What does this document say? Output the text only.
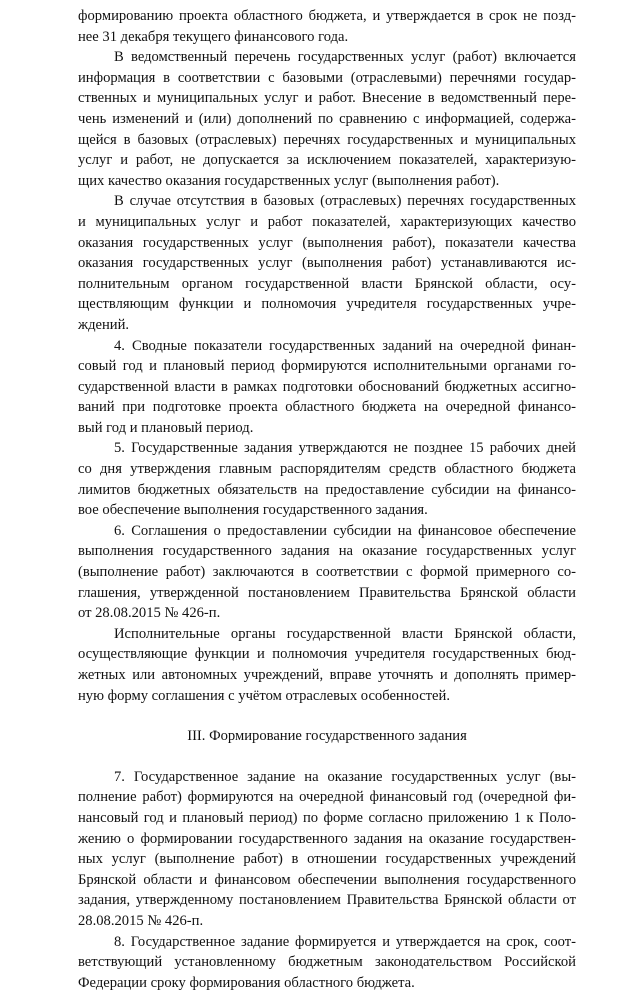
формированию проекта областного бюджета, и утверждается в срок не позд-
нее 31 декабря текущего финансового года.
В ведомственный перечень государственных услуг (работ) включается
информация в соответствии с базовыми (отраслевыми) перечнями государ-
ственных и муниципальных услуг и работ. Внесение в ведомственный пере-
чень изменений и (или) дополнений по сравнению с информацией, содержа-
щейся в базовых (отраслевых) перечнях государственных и муниципальных
услуг и работ, не допускается за исключением показателей, характеризую-
щих качество оказания государственных услуг (выполнения работ).
В случае отсутствия в базовых (отраслевых) перечнях государственных
и муниципальных услуг и работ показателей, характеризующих качество
оказания государственных услуг (выполнения работ), показатели качества
оказания государственных услуг (выполнения работ) устанавливаются ис-
полнительным органом государственной власти Брянской области, осу-
ществляющим функции и полномочия учредителя государственных учре-
ждений.
4. Сводные показатели государственных заданий на очередной финан-
совый год и плановый период формируются исполнительными органами го-
сударственной власти в рамках подготовки обоснований бюджетных ассигно-
ваний при подготовке проекта областного бюджета на очередной финансо-
вый год и плановый период.
5. Государственные задания утверждаются не позднее 15 рабочих дней
со дня утверждения главным распорядителям средств областного бюджета
лимитов бюджетных обязательств на предоставление субсидии на финансо-
вое обеспечение выполнения государственного задания.
6. Соглашения о предоставлении субсидии на финансовое обеспечение
выполнения государственного задания на оказание государственных услуг
(выполнение работ) заключаются в соответствии с формой примерного со-
глашения, утвержденной постановлением Правительства Брянской области
от 28.08.2015 № 426-п.
Исполнительные органы государственной власти Брянской области,
осуществляющие функции и полномочия учредителя государственных бюд-
жетных или автономных учреждений, вправе уточнять и дополнять пример-
ную форму соглашения с учётом отраслевых особенностей.
III. Формирование государственного задания
7. Государственное задание на оказание государственных услуг (вы-
полнение работ) формируются на очередной финансовый год (очередной фи-
нансовый год и плановый период) по форме согласно приложению 1 к Поло-
жению о формировании государственного задания на оказание государствен-
ных услуг (выполнение работ) в отношении государственных учреждений
Брянской области и финансовом обеспечении выполнения государственного
задания, утвержденному постановлением Правительства Брянской области от
28.08.2015 № 426-п.
8. Государственное задание формируется и утверждается на срок, соот-
ветствующий установленному бюджетным законодательством Российской
Федерации сроку формирования областного бюджета.
